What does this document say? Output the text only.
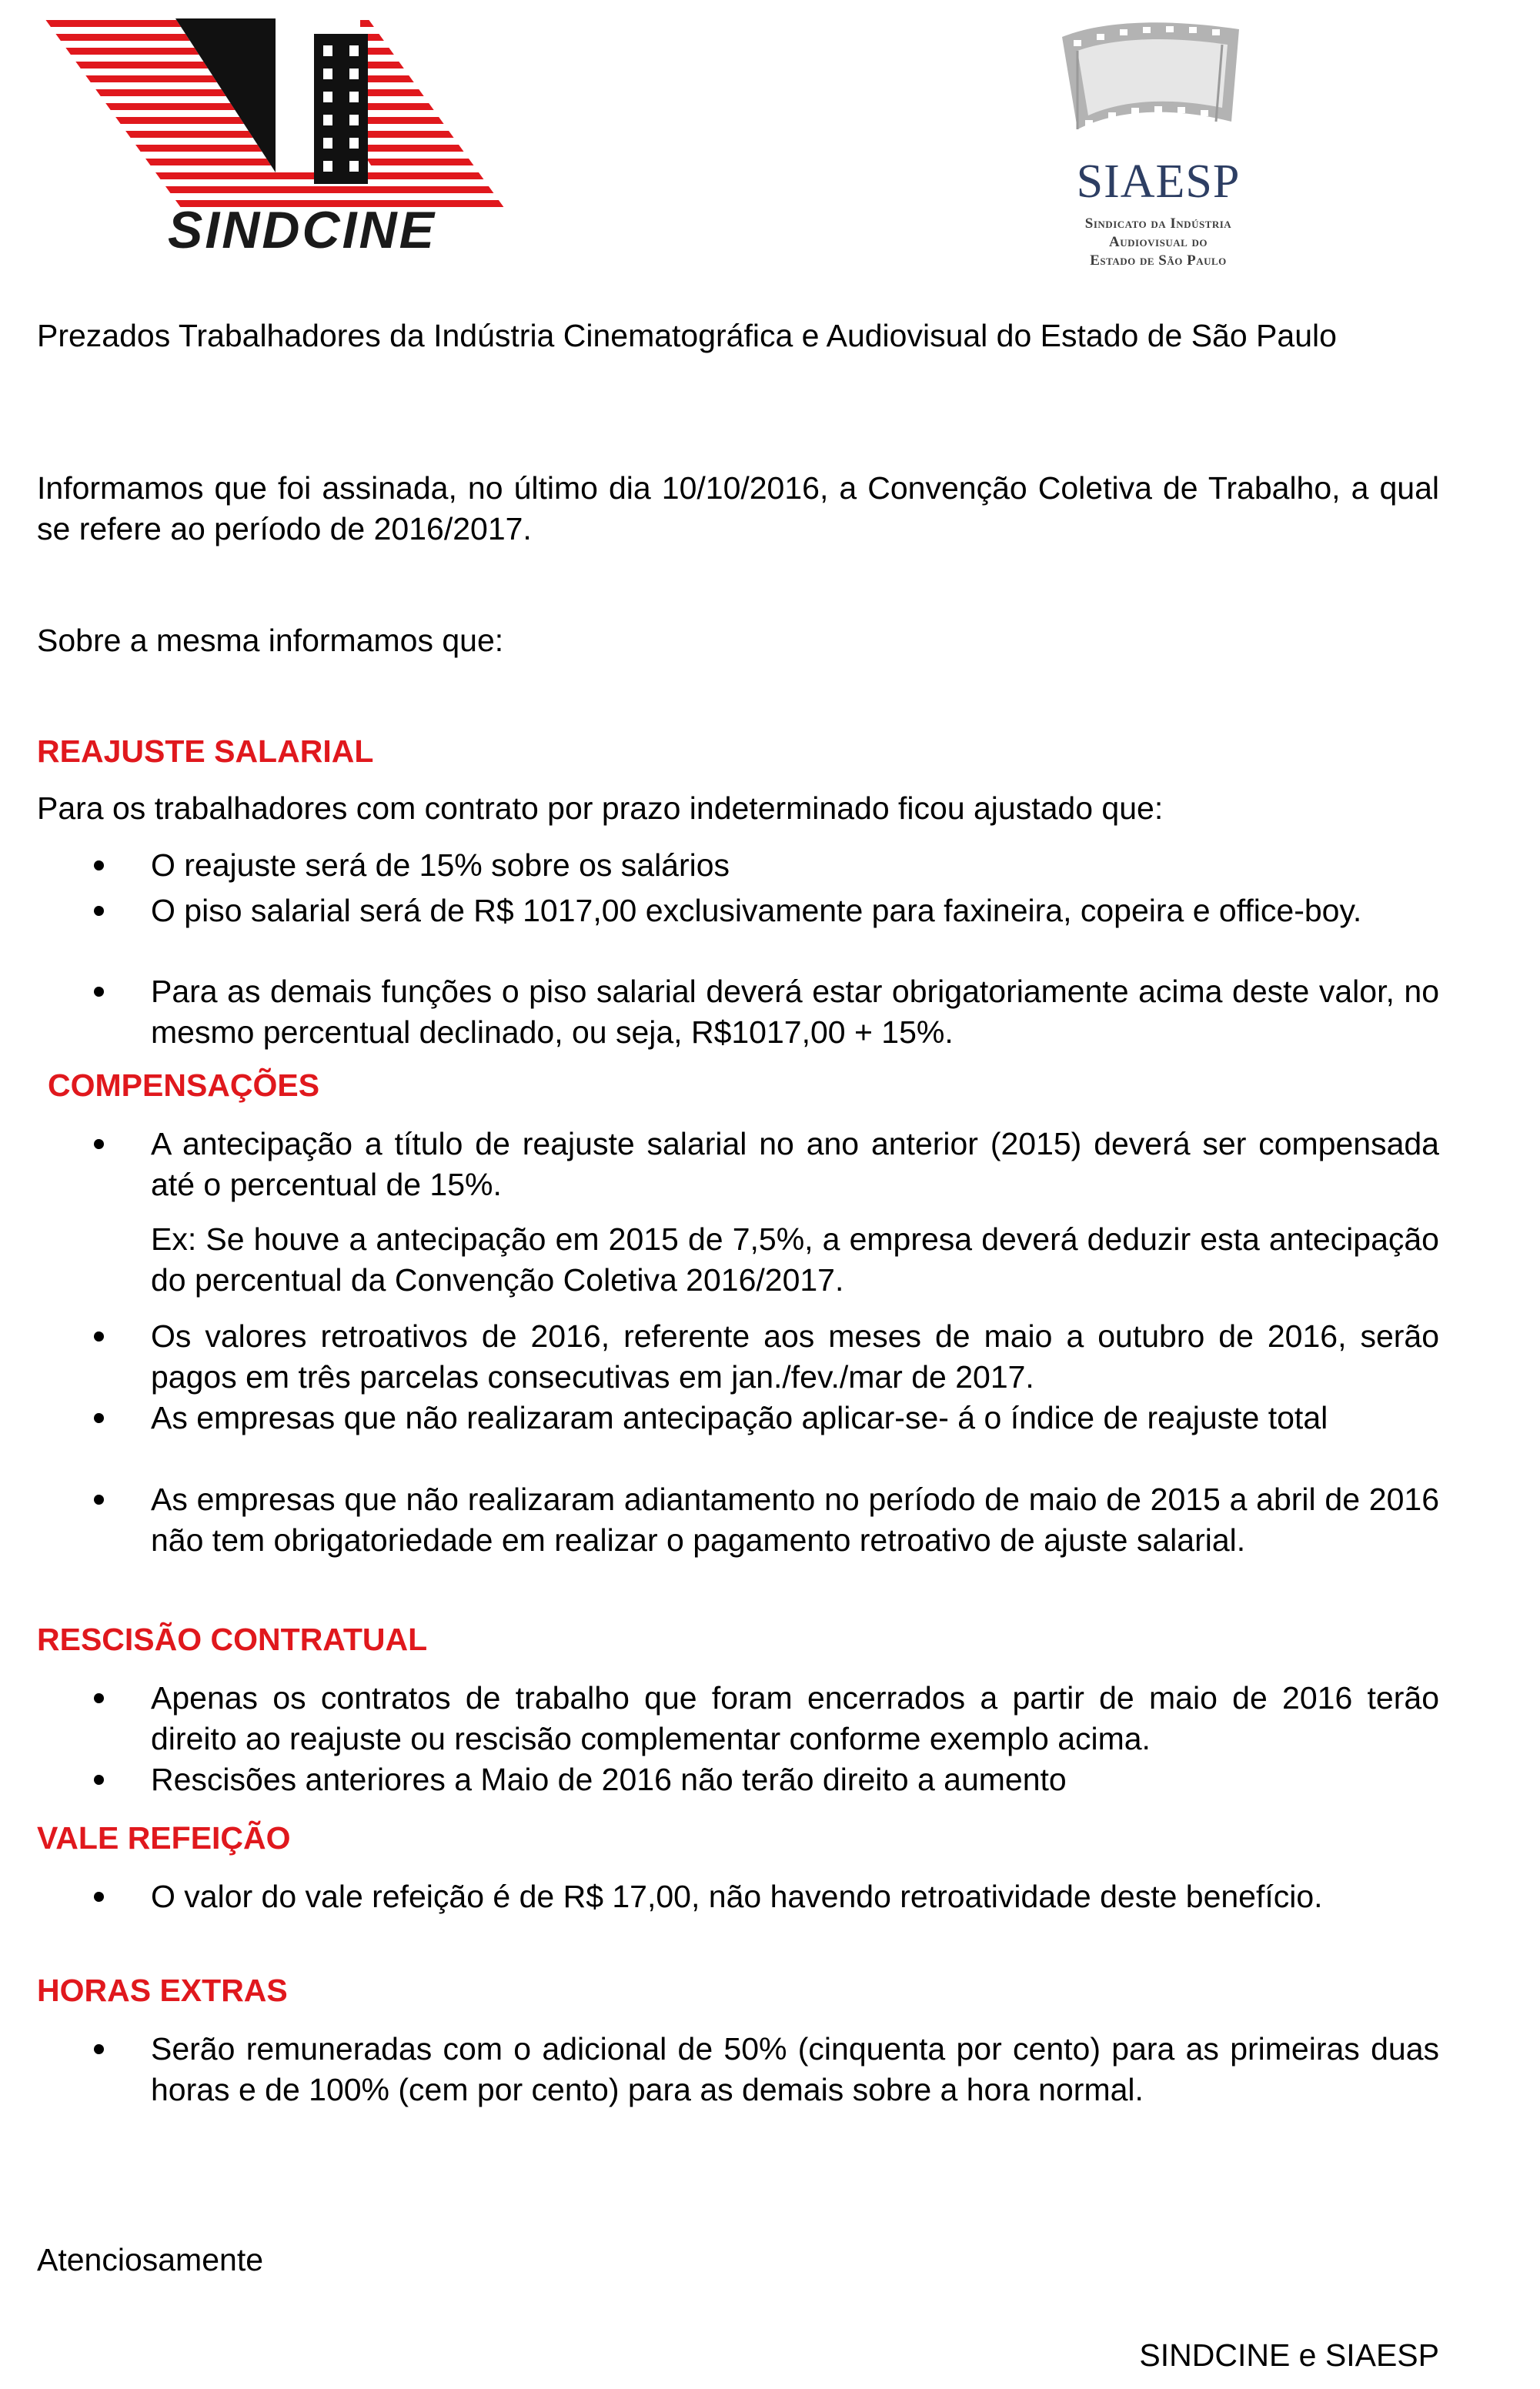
SINDCINE
SIAESP
Sindicato da Indústria
Audiovisual do
Estado de São Paulo

Prezados Trabalhadores da Indústria Cinematográfica e Audiovisual do Estado de São Paulo

Informamos que foi assinada, no último dia 10/10/2016, a Convenção Coletiva de Trabalho, a qual se refere ao período de 2016/2017.

Sobre a mesma informamos que:

REAJUSTE SALARIAL

Para os trabalhadores com contrato por prazo indeterminado ficou ajustado que:

O reajuste será de 15% sobre os salários

O piso salarial será de R$ 1017,00 exclusivamente para faxineira, copeira e office-boy.

Para as demais funções o piso salarial deverá estar obrigatoriamente acima deste valor, no mesmo percentual declinado, ou seja, R$1017,00 + 15%.

COMPENSAÇÕES

A antecipação a título de reajuste salarial no ano anterior (2015) deverá ser compensada até o percentual de 15%.

Ex: Se houve a antecipação em 2015 de 7,5%, a empresa deverá deduzir esta antecipação do percentual da Convenção Coletiva 2016/2017.

Os valores retroativos de 2016, referente aos meses de maio a outubro de 2016, serão pagos em três parcelas consecutivas em jan./fev./mar de 2017.

As empresas que não realizaram antecipação aplicar-se- á o índice de reajuste total

As empresas que não realizaram adiantamento no período de maio de 2015 a abril de 2016 não tem obrigatoriedade em realizar o pagamento retroativo de ajuste salarial.

RESCISÃO CONTRATUAL

Apenas os contratos de trabalho que foram encerrados a partir de maio de 2016 terão direito ao reajuste ou rescisão complementar conforme exemplo acima.

Rescisões anteriores a Maio de 2016 não terão direito a aumento

VALE REFEIÇÃO

O valor do vale refeição é de R$ 17,00, não havendo retroatividade deste benefício.

HORAS EXTRAS

Serão remuneradas com o adicional de 50% (cinquenta por cento) para as primeiras duas horas e de 100% (cem por cento) para as demais sobre a hora normal.

Atenciosamente

SINDCINE e SIAESP
